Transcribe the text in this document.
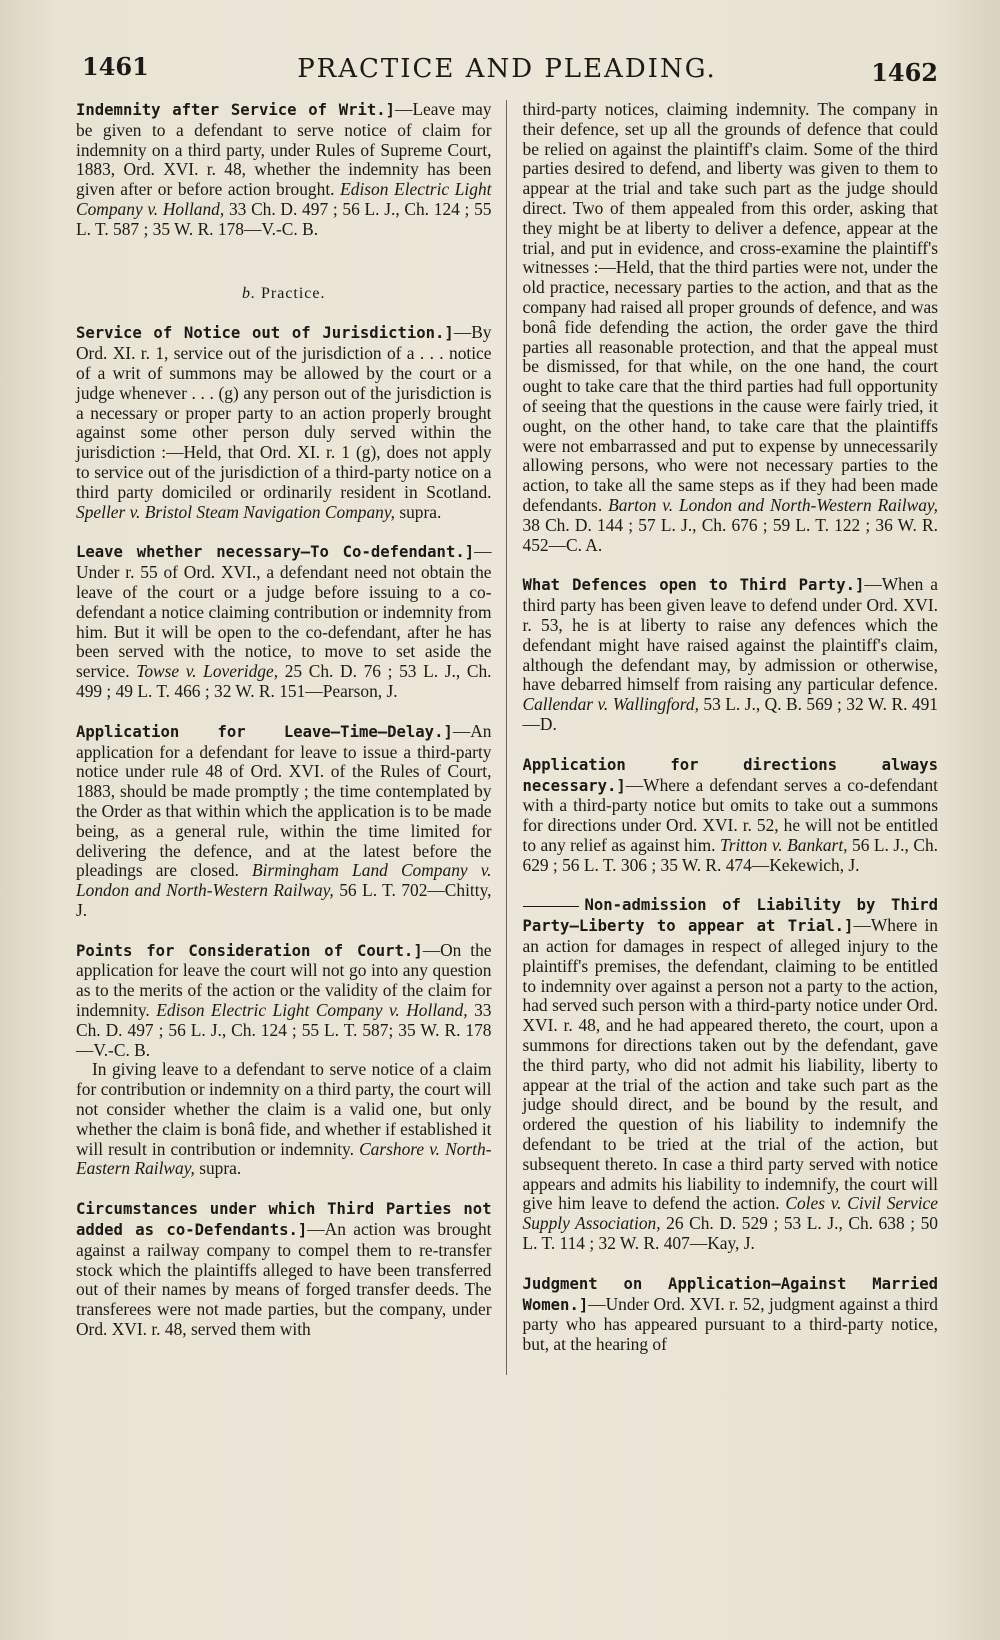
1461	PRACTICE AND PLEADING.	1462

Indemnity after Service of Writ.]—Leave may be given to a defendant to serve notice of claim for indemnity on a third party, under Rules of Supreme Court, 1883, Ord. XVI. r. 48, whether the indemnity has been given after or before action brought. Edison Electric Light Company v. Holland, 33 Ch. D. 497 ; 56 L. J., Ch. 124 ; 55 L. T. 587 ; 35 W. R. 178—V.-C. B.

b. Practice.

Service of Notice out of Jurisdiction.]—By Ord. XI. r. 1, service out of the jurisdiction of a . . . notice of a writ of summons may be allowed by the court or a judge whenever . . . (g) any person out of the jurisdiction is a necessary or proper party to an action properly brought against some other person duly served within the jurisdiction :—Held, that Ord. XI. r. 1 (g), does not apply to service out of the jurisdiction of a third-party notice on a third party domiciled or ordinarily resident in Scotland. Speller v. Bristol Steam Navigation Company, supra.

Leave whether necessary—To Co-defendant.]—Under r. 55 of Ord. XVI., a defendant need not obtain the leave of the court or a judge before issuing to a co-defendant a notice claiming contribution or indemnity from him. But it will be open to the co-defendant, after he has been served with the notice, to move to set aside the service. Towse v. Loveridge, 25 Ch. D. 76 ; 53 L. J., Ch. 499 ; 49 L. T. 466 ; 32 W. R. 151—Pearson, J.

Application for Leave—Time—Delay.]—An application for a defendant for leave to issue a third-party notice under rule 48 of Ord. XVI. of the Rules of Court, 1883, should be made promptly ; the time contemplated by the Order as that within which the application is to be made being, as a general rule, within the time limited for delivering the defence, and at the latest before the pleadings are closed. Birmingham Land Company v. London and North-Western Railway, 56 L. T. 702—Chitty, J.

Points for Consideration of Court.]—On the application for leave the court will not go into any question as to the merits of the action or the validity of the claim for indemnity. Edison Electric Light Company v. Holland, 33 Ch. D. 497 ; 56 L. J., Ch. 124 ; 55 L. T. 587; 35 W. R. 178—V.-C. B.

In giving leave to a defendant to serve notice of a claim for contribution or indemnity on a third party, the court will not consider whether the claim is a valid one, but only whether the claim is bonâ fide, and whether if established it will result in contribution or indemnity. Carshore v. North-Eastern Railway, supra.

Circumstances under which Third Parties not added as co-Defendants.]—An action was brought against a railway company to compel them to re-transfer stock which the plaintiffs alleged to have been transferred out of their names by means of forged transfer deeds. The transferees were not made parties, but the company, under Ord. XVI. r. 48, served them with

third-party notices, claiming indemnity. The company in their defence, set up all the grounds of defence that could be relied on against the plaintiff's claim. Some of the third parties desired to defend, and liberty was given to them to appear at the trial and take such part as the judge should direct. Two of them appealed from this order, asking that they might be at liberty to deliver a defence, appear at the trial, and put in evidence, and cross-examine the plaintiff's witnesses :—Held, that the third parties were not, under the old practice, necessary parties to the action, and that as the company had raised all proper grounds of defence, and was bonâ fide defending the action, the order gave the third parties all reasonable protection, and that the appeal must be dismissed, for that while, on the one hand, the court ought to take care that the third parties had full opportunity of seeing that the questions in the cause were fairly tried, it ought, on the other hand, to take care that the plaintiffs were not embarrassed and put to expense by unnecessarily allowing persons, who were not necessary parties to the action, to take all the same steps as if they had been made defendants. Barton v. London and North-Western Railway, 38 Ch. D. 144 ; 57 L. J., Ch. 676 ; 59 L. T. 122 ; 36 W. R. 452—C. A.

What Defences open to Third Party.]—When a third party has been given leave to defend under Ord. XVI. r. 53, he is at liberty to raise any defences which the defendant might have raised against the plaintiff's claim, although the defendant may, by admission or otherwise, have debarred himself from raising any particular defence. Callendar v. Wallingford, 53 L. J., Q. B. 569 ; 32 W. R. 491—D.

Application for directions always necessary.]—Where a defendant serves a co-defendant with a third-party notice but omits to take out a summons for directions under Ord. XVI. r. 52, he will not be entitled to any relief as against him. Tritton v. Bankart, 56 L. J., Ch. 629 ; 56 L. T. 306 ; 35 W. R. 474—Kekewich, J.

Non-admission of Liability by Third Party—Liberty to appear at Trial.]—Where in an action for damages in respect of alleged injury to the plaintiff's premises, the defendant, claiming to be entitled to indemnity over against a person not a party to the action, had served such person with a third-party notice under Ord. XVI. r. 48, and he had appeared thereto, the court, upon a summons for directions taken out by the defendant, gave the third party, who did not admit his liability, liberty to appear at the trial of the action and take such part as the judge should direct, and be bound by the result, and ordered the question of his liability to indemnify the defendant to be tried at the trial of the action, but subsequent thereto. In case a third party served with notice appears and admits his liability to indemnify, the court will give him leave to defend the action. Coles v. Civil Service Supply Association, 26 Ch. D. 529 ; 53 L. J., Ch. 638 ; 50 L. T. 114 ; 32 W. R. 407—Kay, J.

Judgment on Application—Against Married Women.]—Under Ord. XVI. r. 52, judgment against a third party who has appeared pursuant to a third-party notice, but, at the hearing of
